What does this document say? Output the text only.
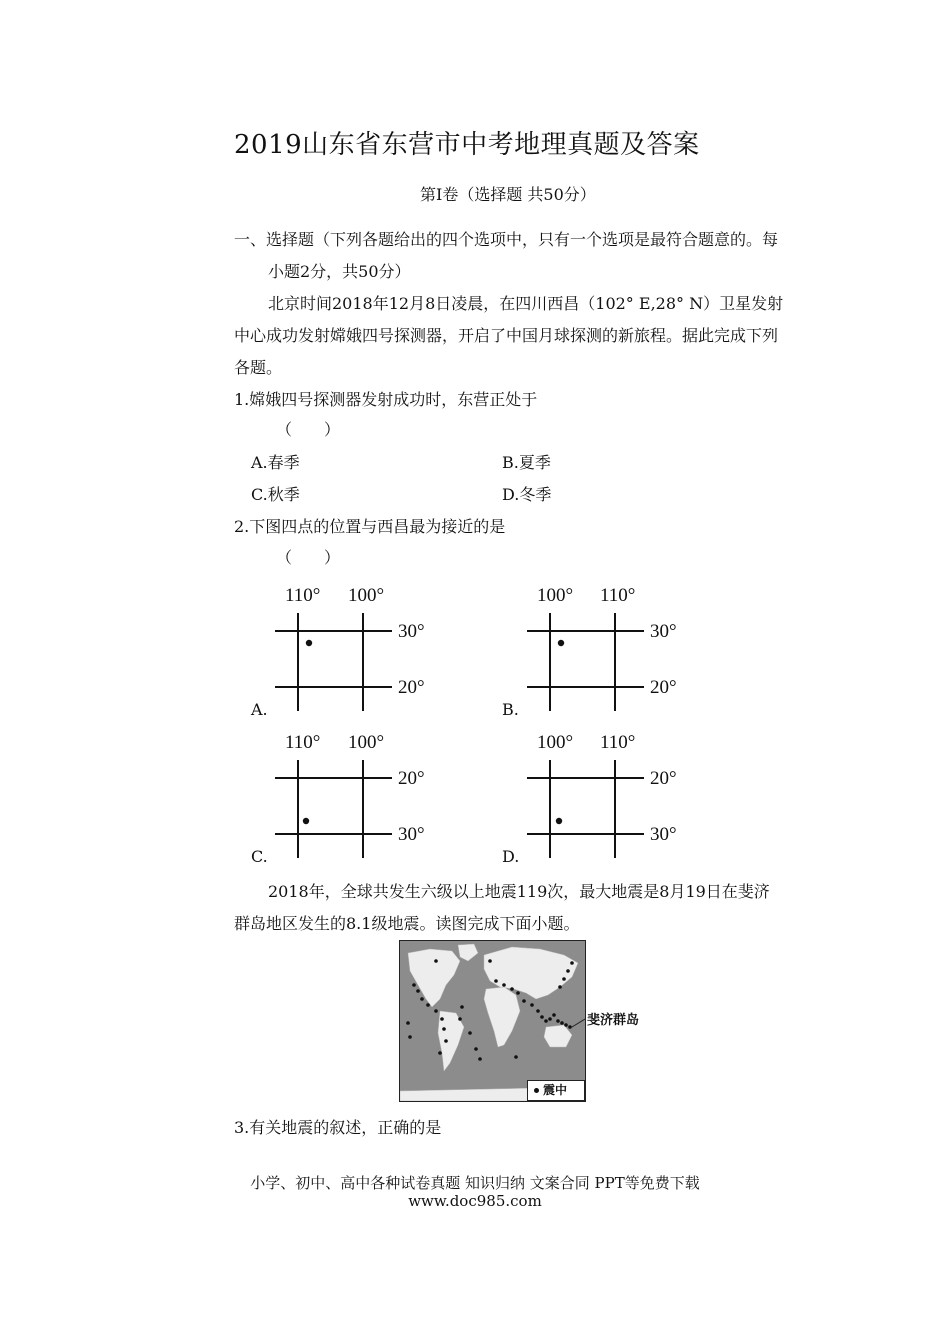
2019山东省东营市中考地理真题及答案
第Ⅰ卷（选择题 共50分）
一、选择题（下列各题给出的四个选项中，只有一个选项是最符合题意的。每
小题2分，共50分）
北京时间2018年12月8日凌晨，在四川西昌（102° E,28° N）卫星发射
中心成功发射嫦娥四号探测器，开启了中国月球探测的新旅程。据此完成下列
各题。
1.嫦娥四号探测器发射成功时，东营正处于
（　　）
A.春季	B.夏季
C.秋季	D.冬季
2.下图四点的位置与西昌最为接近的是
（　　）
A.
110° 100°
30°
20°
B.
100° 110°
30°
20°
C.
110° 100°
20°
30°
D.
100° 110°
20°
30°
2018年，全球共发生六级以上地震119次，最大地震是8月19日在斐济
群岛地区发生的8.1级地震。读图完成下面小题。
震中
斐济群岛
3.有关地震的叙述，正确的是
小学、初中、高中各种试卷真题 知识归纳 文案合同 PPT等免费下载
www.doc985.com
